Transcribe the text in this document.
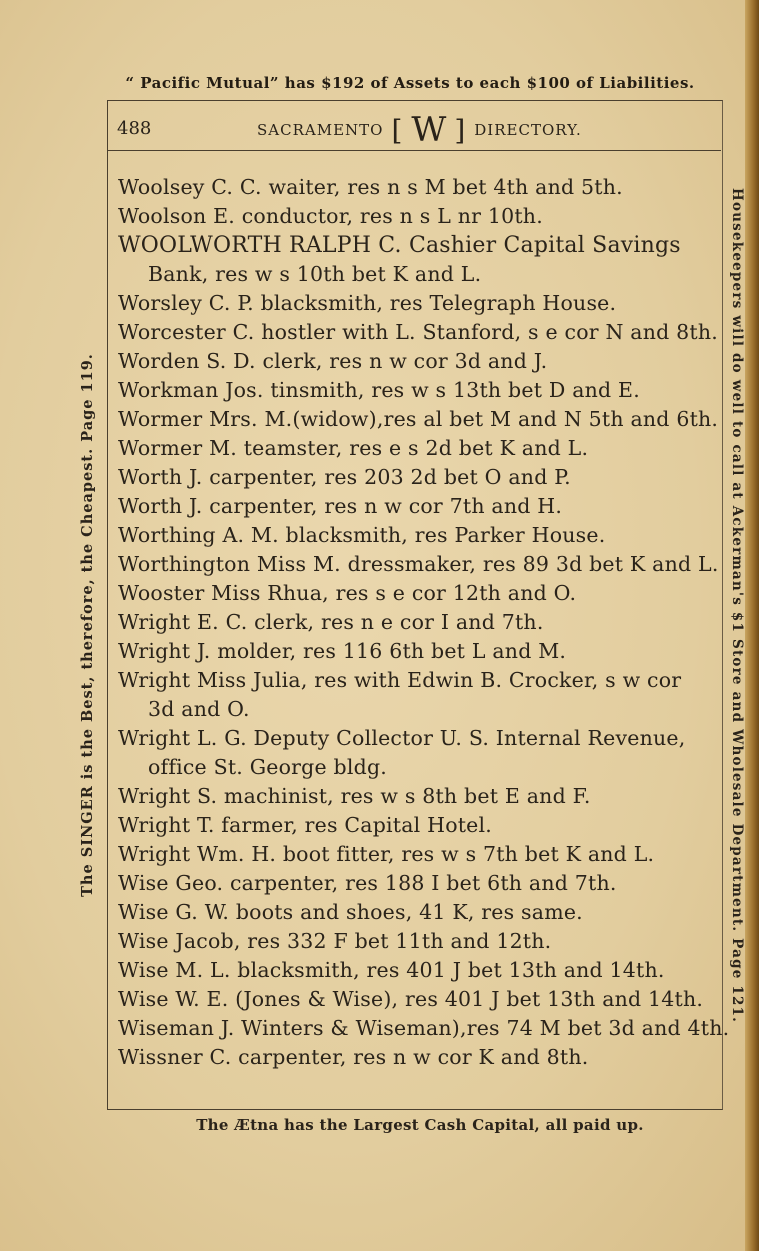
“ Pacific Mutual” has $192 of Assets to each $100 of Liabilities.
488	SACRAMENTO [ W ] DIRECTORY.
Woolsey C. C. waiter, res n s M bet 4th and 5th.
Woolson E. conductor, res n s L nr 10th.
WOOLWORTH RALPH C. Cashier Capital Savings
Bank, res w s 10th bet K and L.
Worsley C. P. blacksmith, res Telegraph House.
Worcester C. hostler with L. Stanford, s e cor N and 8th.
Worden S. D. clerk, res n w cor 3d and J.
Workman Jos. tinsmith, res w s 13th bet D and E.
Wormer Mrs. M.(widow),res al bet M and N 5th and 6th.
Wormer M. teamster, res e s 2d bet K and L.
Worth J. carpenter, res 203 2d bet O and P.
Worth J. carpenter, res n w cor 7th and H.
Worthing A. M. blacksmith, res Parker House.
Worthington Miss M. dressmaker, res 89 3d bet K and L.
Wooster Miss Rhua, res s e cor 12th and O.
Wright E. C. clerk, res n e cor I and 7th.
Wright J. molder, res 116 6th bet L and M.
Wright Miss Julia, res with Edwin B. Crocker, s w cor
3d and O.
Wright L. G. Deputy Collector U. S. Internal Revenue,
office St. George bldg.
Wright S. machinist, res w s 8th bet E and F.
Wright T. farmer, res Capital Hotel.
Wright Wm. H. boot fitter, res w s 7th bet K and L.
Wise Geo. carpenter, res 188 I bet 6th and 7th.
Wise G. W. boots and shoes, 41 K, res same.
Wise Jacob, res 332 F bet 11th and 12th.
Wise M. L. blacksmith, res 401 J bet 13th and 14th.
Wise W. E. (Jones & Wise), res 401 J bet 13th and 14th.
Wiseman J. Winters & Wiseman),res 74 M bet 3d and 4th.
Wissner C. carpenter, res n w cor K and 8th.
The Ætna has the Largest Cash Capital, all paid up.
The SINGER is the Best, therefore, the Cheapest. Page 119.	Housekeepers will do well to call at Ackerman's $1 Store and Wholesale Department. Page 121.
